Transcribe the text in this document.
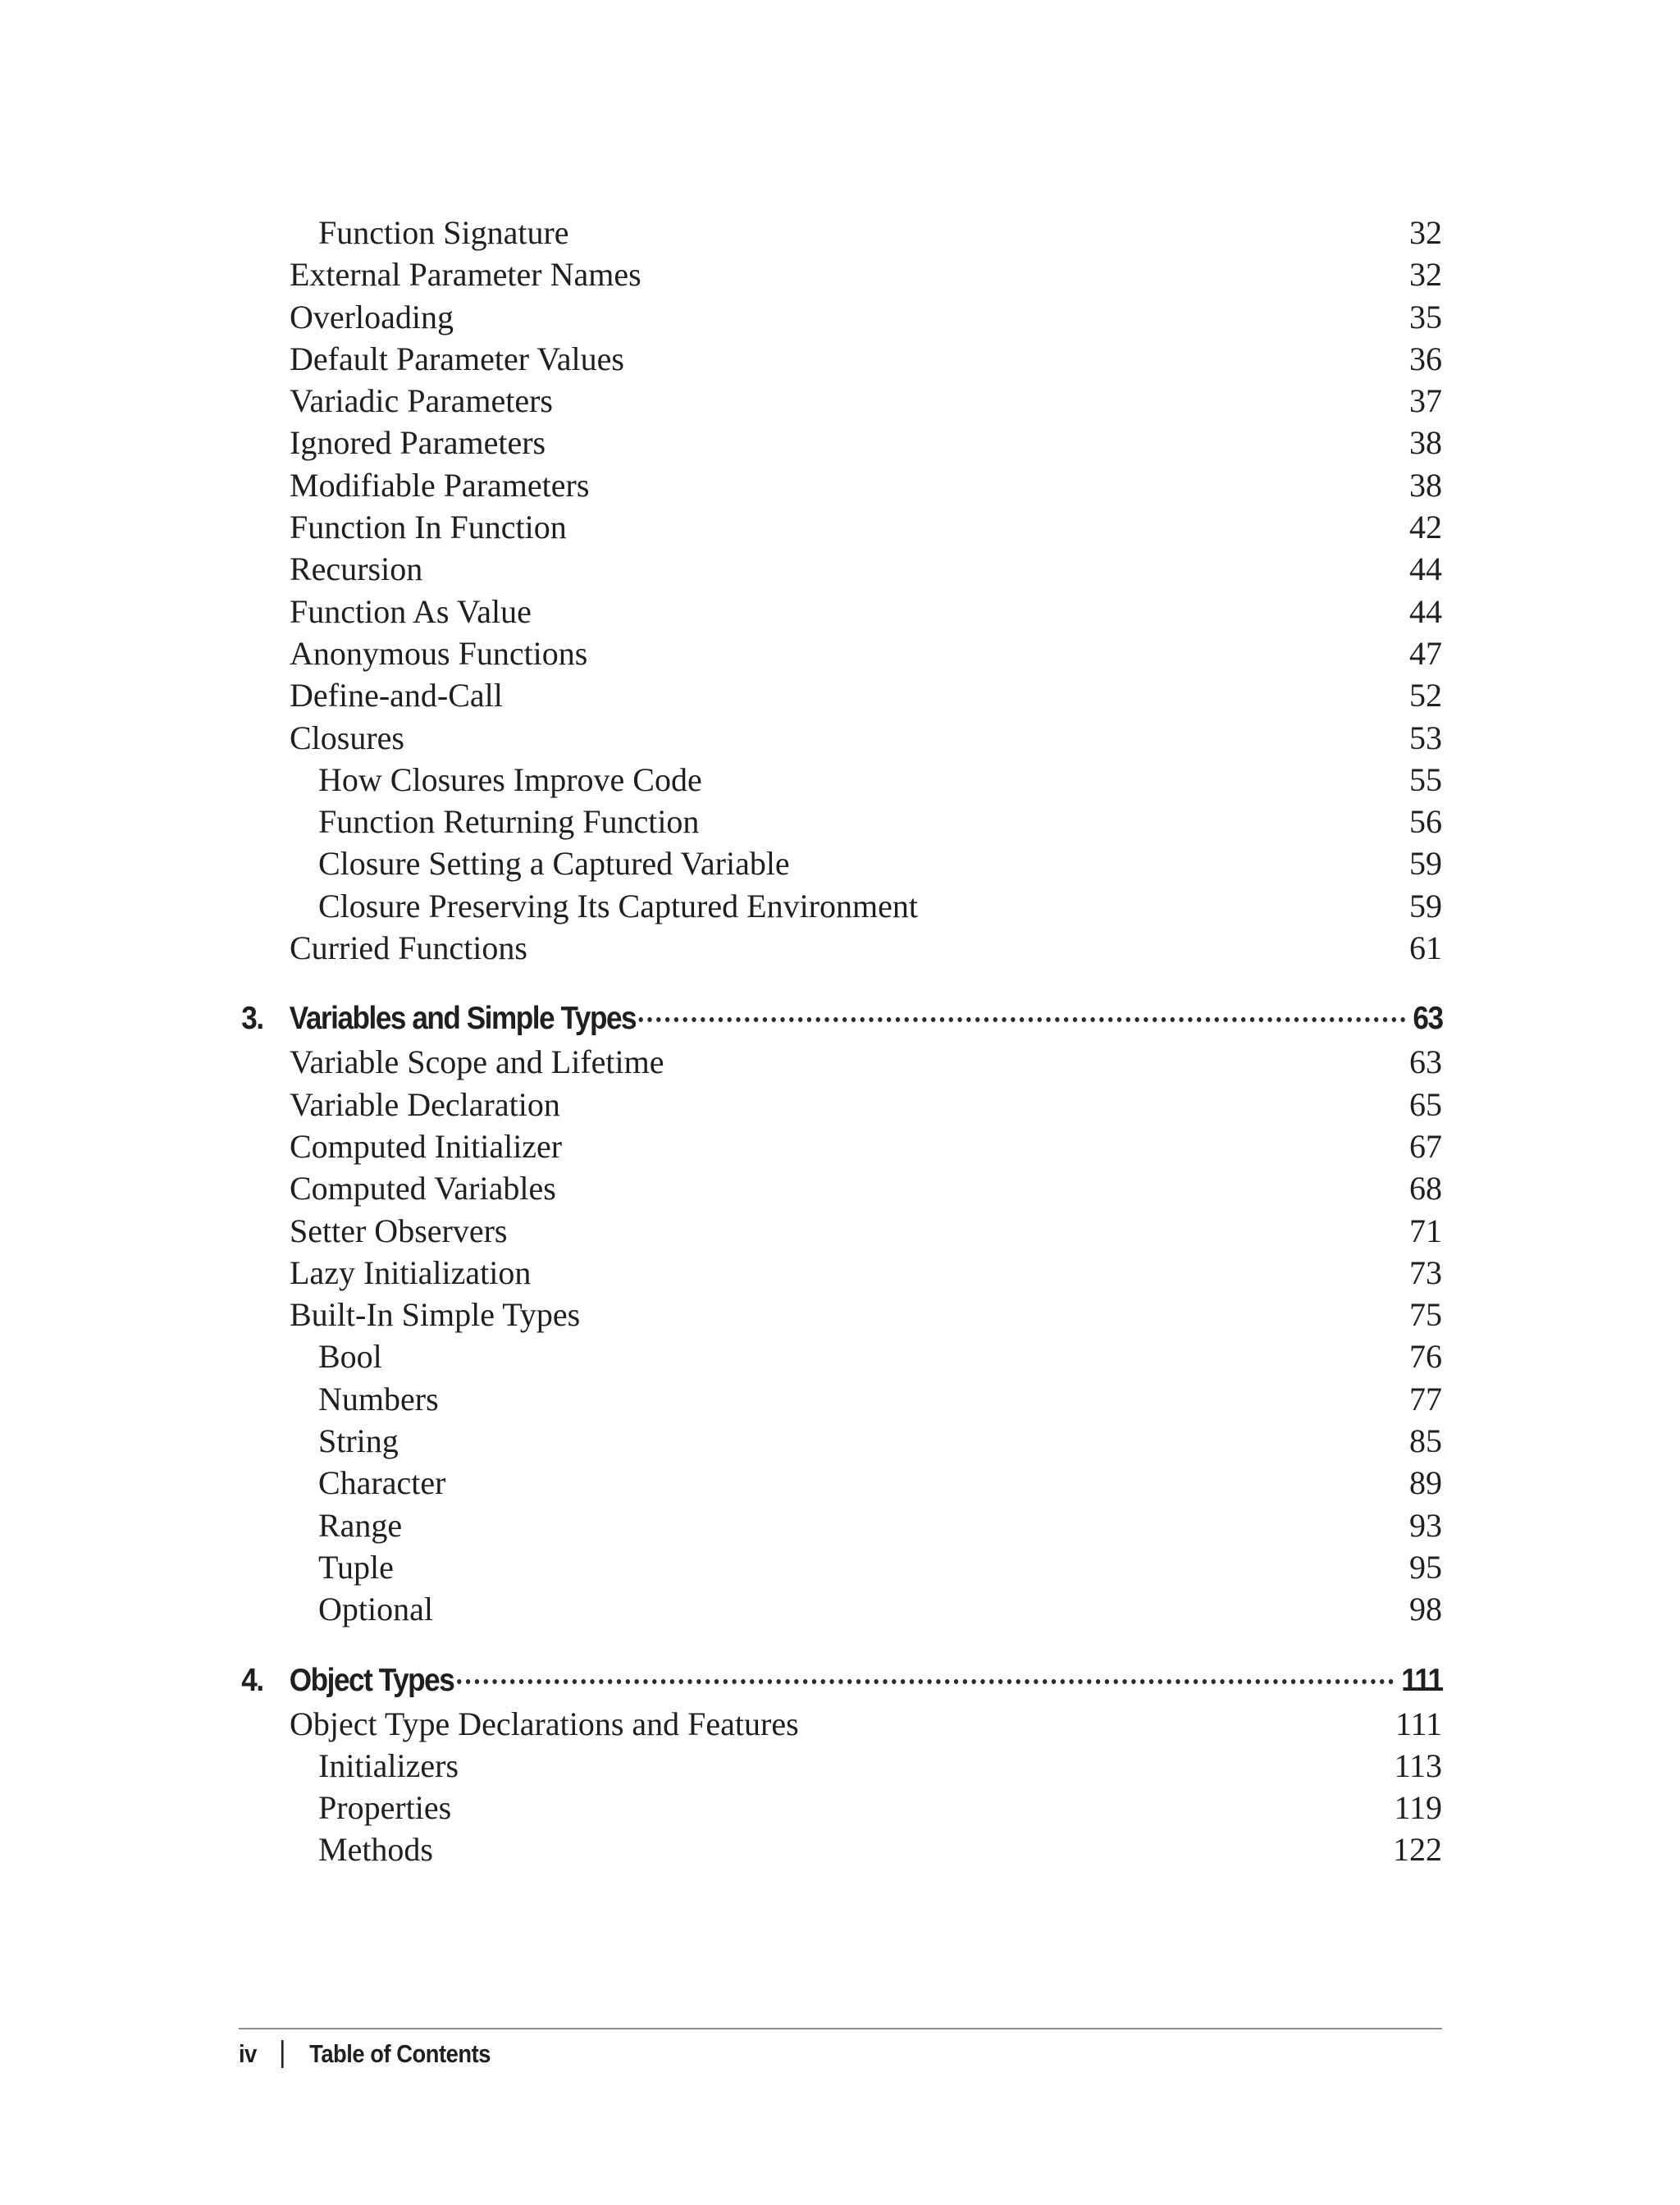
Function Signature	32
External Parameter Names	32
Overloading	35
Default Parameter Values	36
Variadic Parameters	37
Ignored Parameters	38
Modifiable Parameters	38
Function In Function	42
Recursion	44
Function As Value	44
Anonymous Functions	47
Define-and-Call	52
Closures	53
How Closures Improve Code	55
Function Returning Function	56
Closure Setting a Captured Variable	59
Closure Preserving Its Captured Environment	59
Curried Functions	61
3. Variables and Simple Types	63
Variable Scope and Lifetime	63
Variable Declaration	65
Computed Initializer	67
Computed Variables	68
Setter Observers	71
Lazy Initialization	73
Built-In Simple Types	75
Bool	76
Numbers	77
String	85
Character	89
Range	93
Tuple	95
Optional	98
4. Object Types	111
Object Type Declarations and Features	111
Initializers	113
Properties	119
Methods	122
iv Table of Contents
